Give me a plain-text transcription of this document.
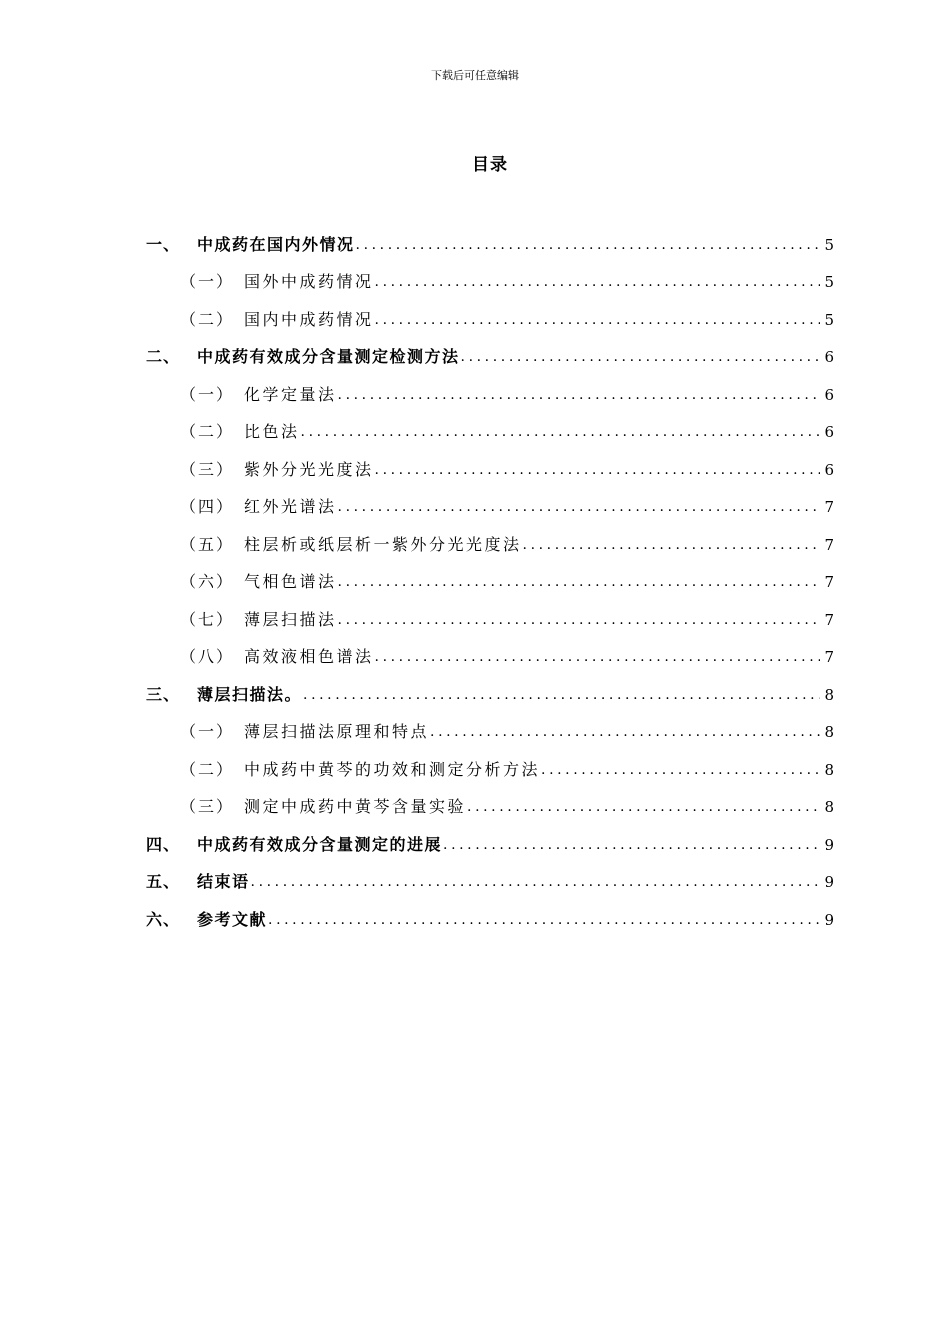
下载后可任意编辑
目录
一、	中成药在国内外情况 .....	5
（一） 国外中成药情况 .....	5
（二） 国内中成药情况 .....	5
二、	中成药有效成分含量测定检测方法 .....	6
（一） 化学定量法 .....	6
（二） 比色法 .....	6
（三） 紫外分光光度法 .....	6
（四） 红外光谱法 .....	7
（五） 柱层析或纸层析一紫外分光光度法 .....	7
（六） 气相色谱法 .....	7
（七） 薄层扫描法 .....	7
（八） 高效液相色谱法 .....	7
三、	薄层扫描法。 .....	8
（一） 薄层扫描法原理和特点 .....	8
（二） 中成药中黄芩的功效和测定分析方法 .....	8
（三） 测定中成药中黄芩含量实验 .....	8
四、	中成药有效成分含量测定的进展 .....	9
五、	结束语 .....	9
六、	参考文献 .....	9
